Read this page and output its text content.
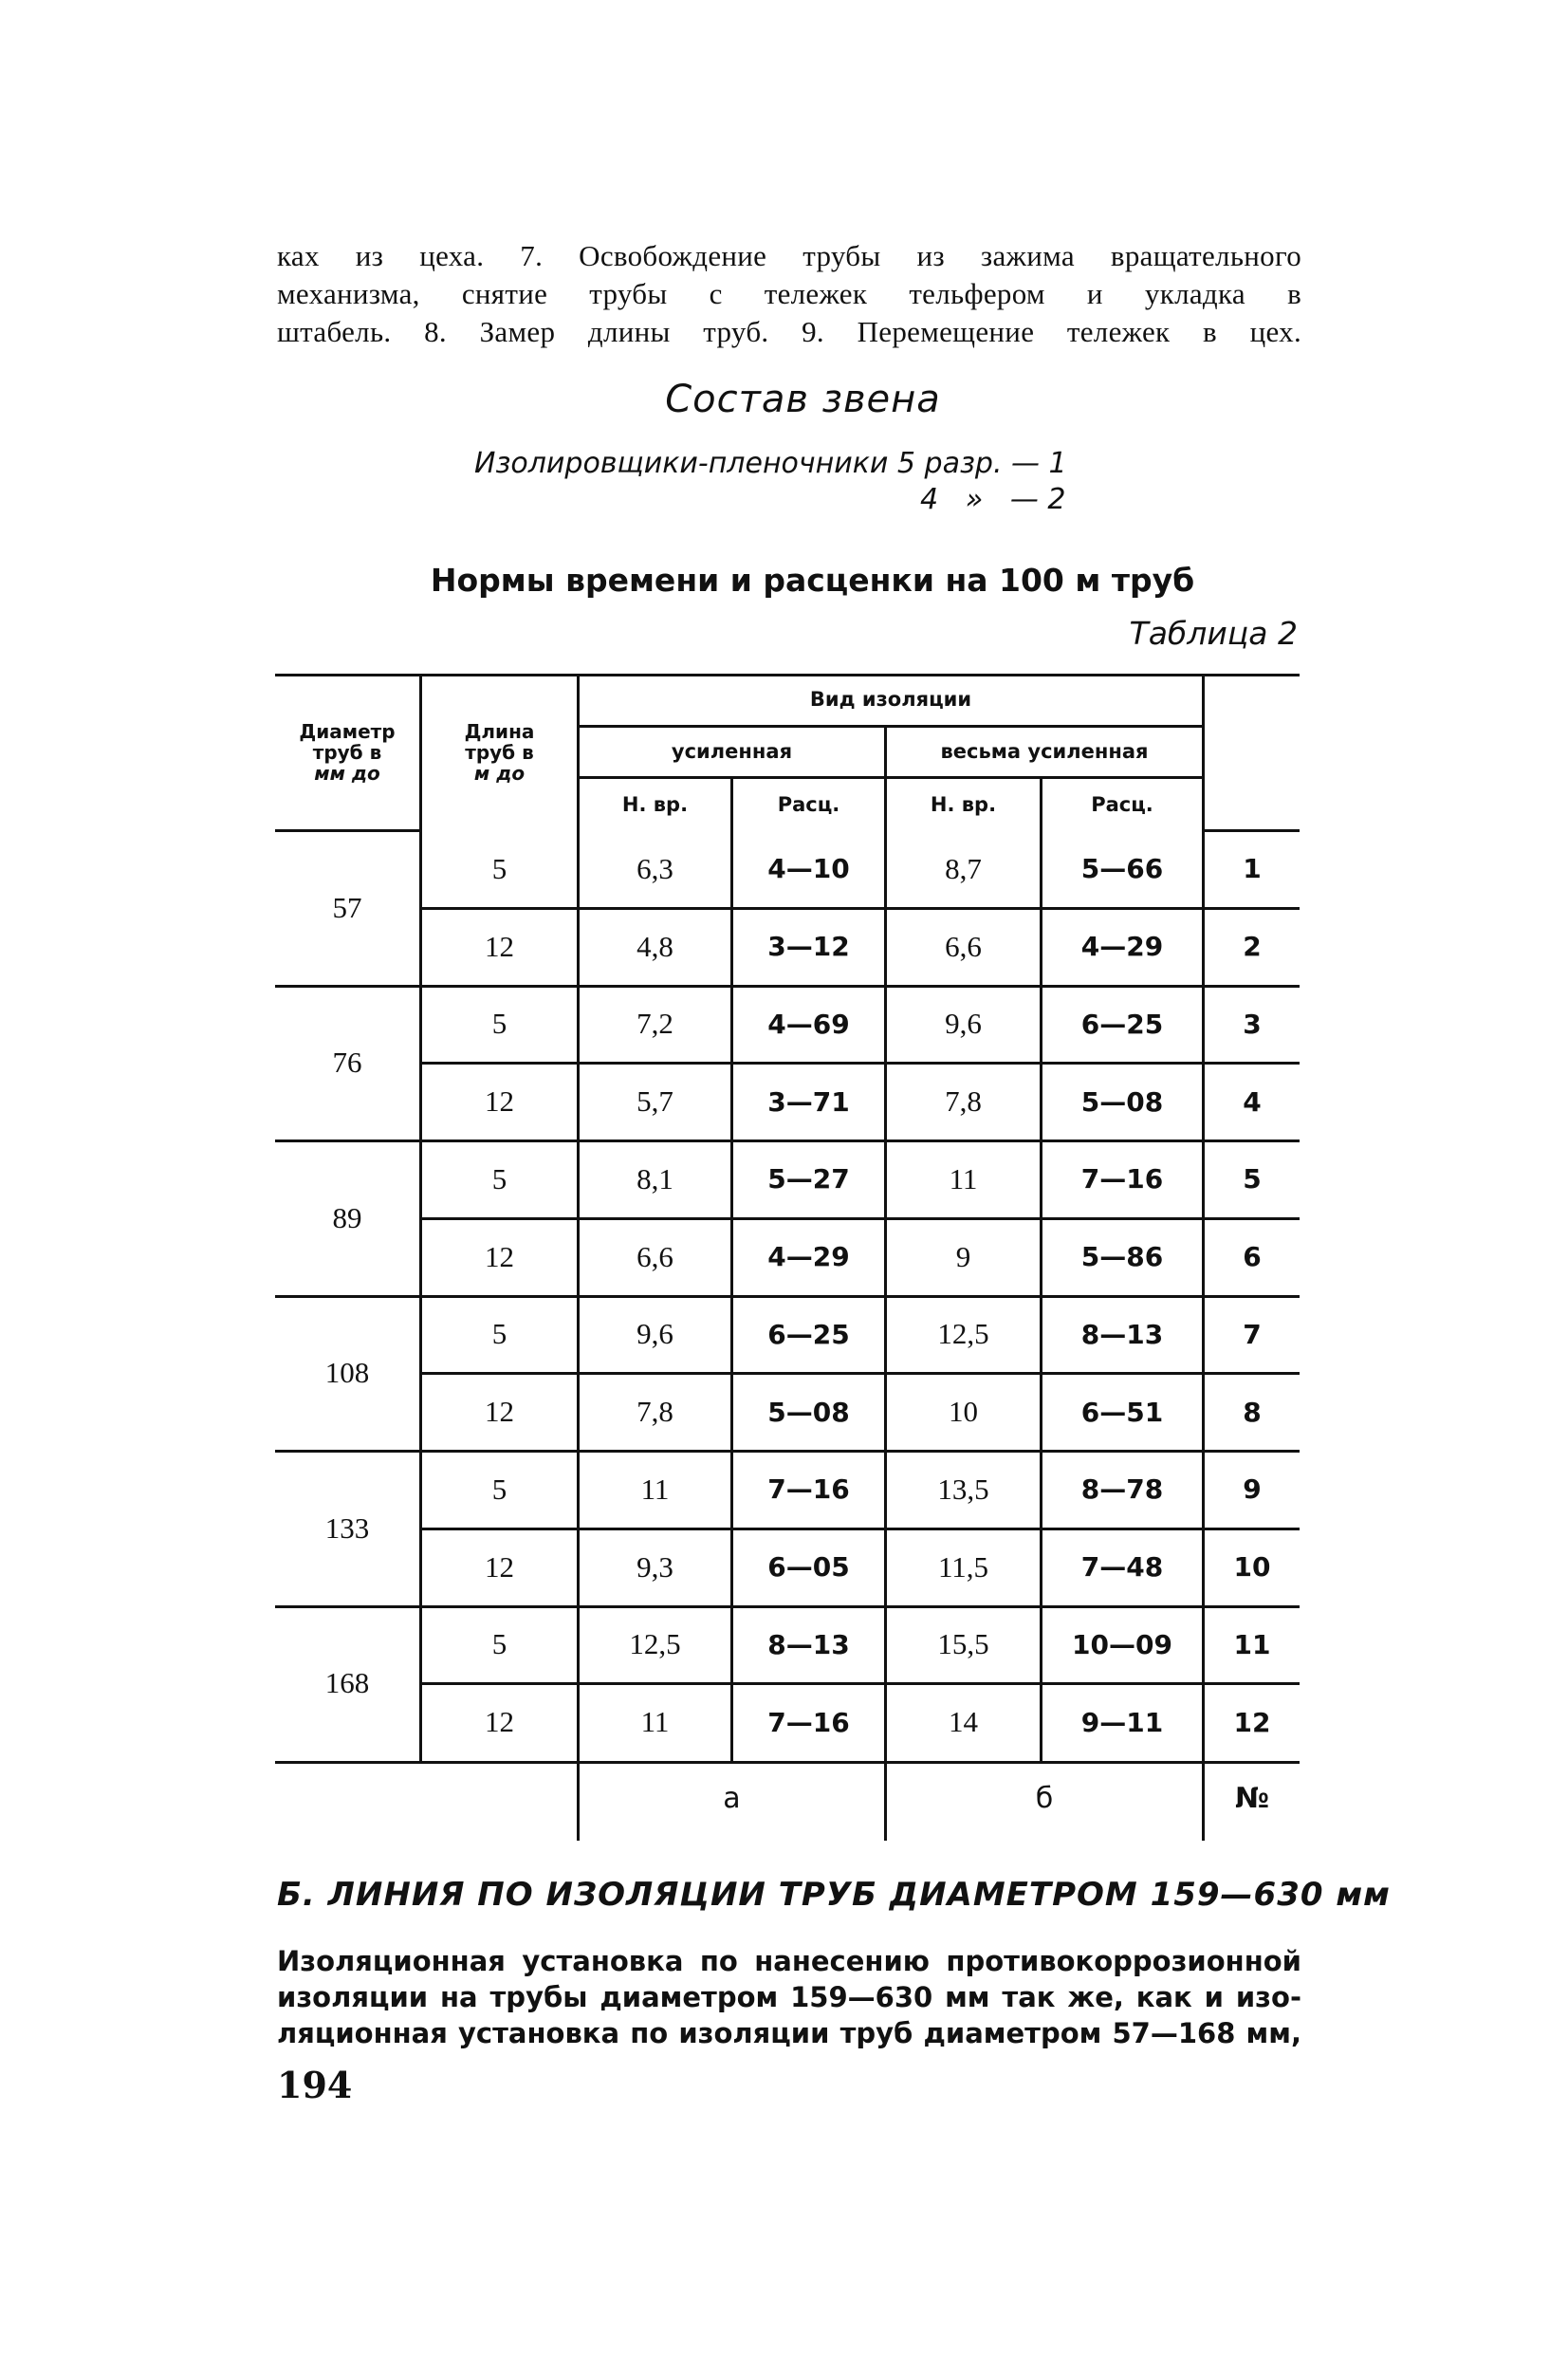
ках из цеха. 7. Освобождение трубы из зажима вращательного
механизма, снятие трубы с тележек тельфером и укладка в
штабель. 8. Замер длины труб. 9. Перемещение тележек в цех.
Состав звена
Изолировщики-пленочники 5 разр. — 1
4   »   — 2
Нормы времени и расценки на 100 м труб
Таблица 2
Диаметр
труб в
мм до
Длина
труб в
м до
Вид изоляции
усиленная	весьма усиленная
Н. вр.	Расц.	Н. вр.	Расц.
57
5	6,3	4—10	8,7	5—66	1
12	4,8	3—12	6,6	4—29	2
76
5	7,2	4—69	9,6	6—25	3
12	5,7	3—71	7,8	5—08	4
89
5	8,1	5—27	11	7—16	5
12	6,6	4—29	9	5—86	6
108
5	9,6	6—25	12,5	8—13	7
12	7,8	5—08	10	6—51	8
133
5	11	7—16	13,5	8—78	9
12	9,3	6—05	11,5	7—48	10
168
5	12,5	8—13	15,5	10—09	11
12	11	7—16	14	9—11	12
а	б	№
Б. ЛИНИЯ ПО ИЗОЛЯЦИИ ТРУБ ДИАМЕТРОМ 159—630 мм
Изоляционная установка по нанесению противокоррозионной
изоляции на трубы диаметром 159—630 мм так же, как и изо-
ляционная установка по изоляции труб диаметром 57—168 мм,
194
